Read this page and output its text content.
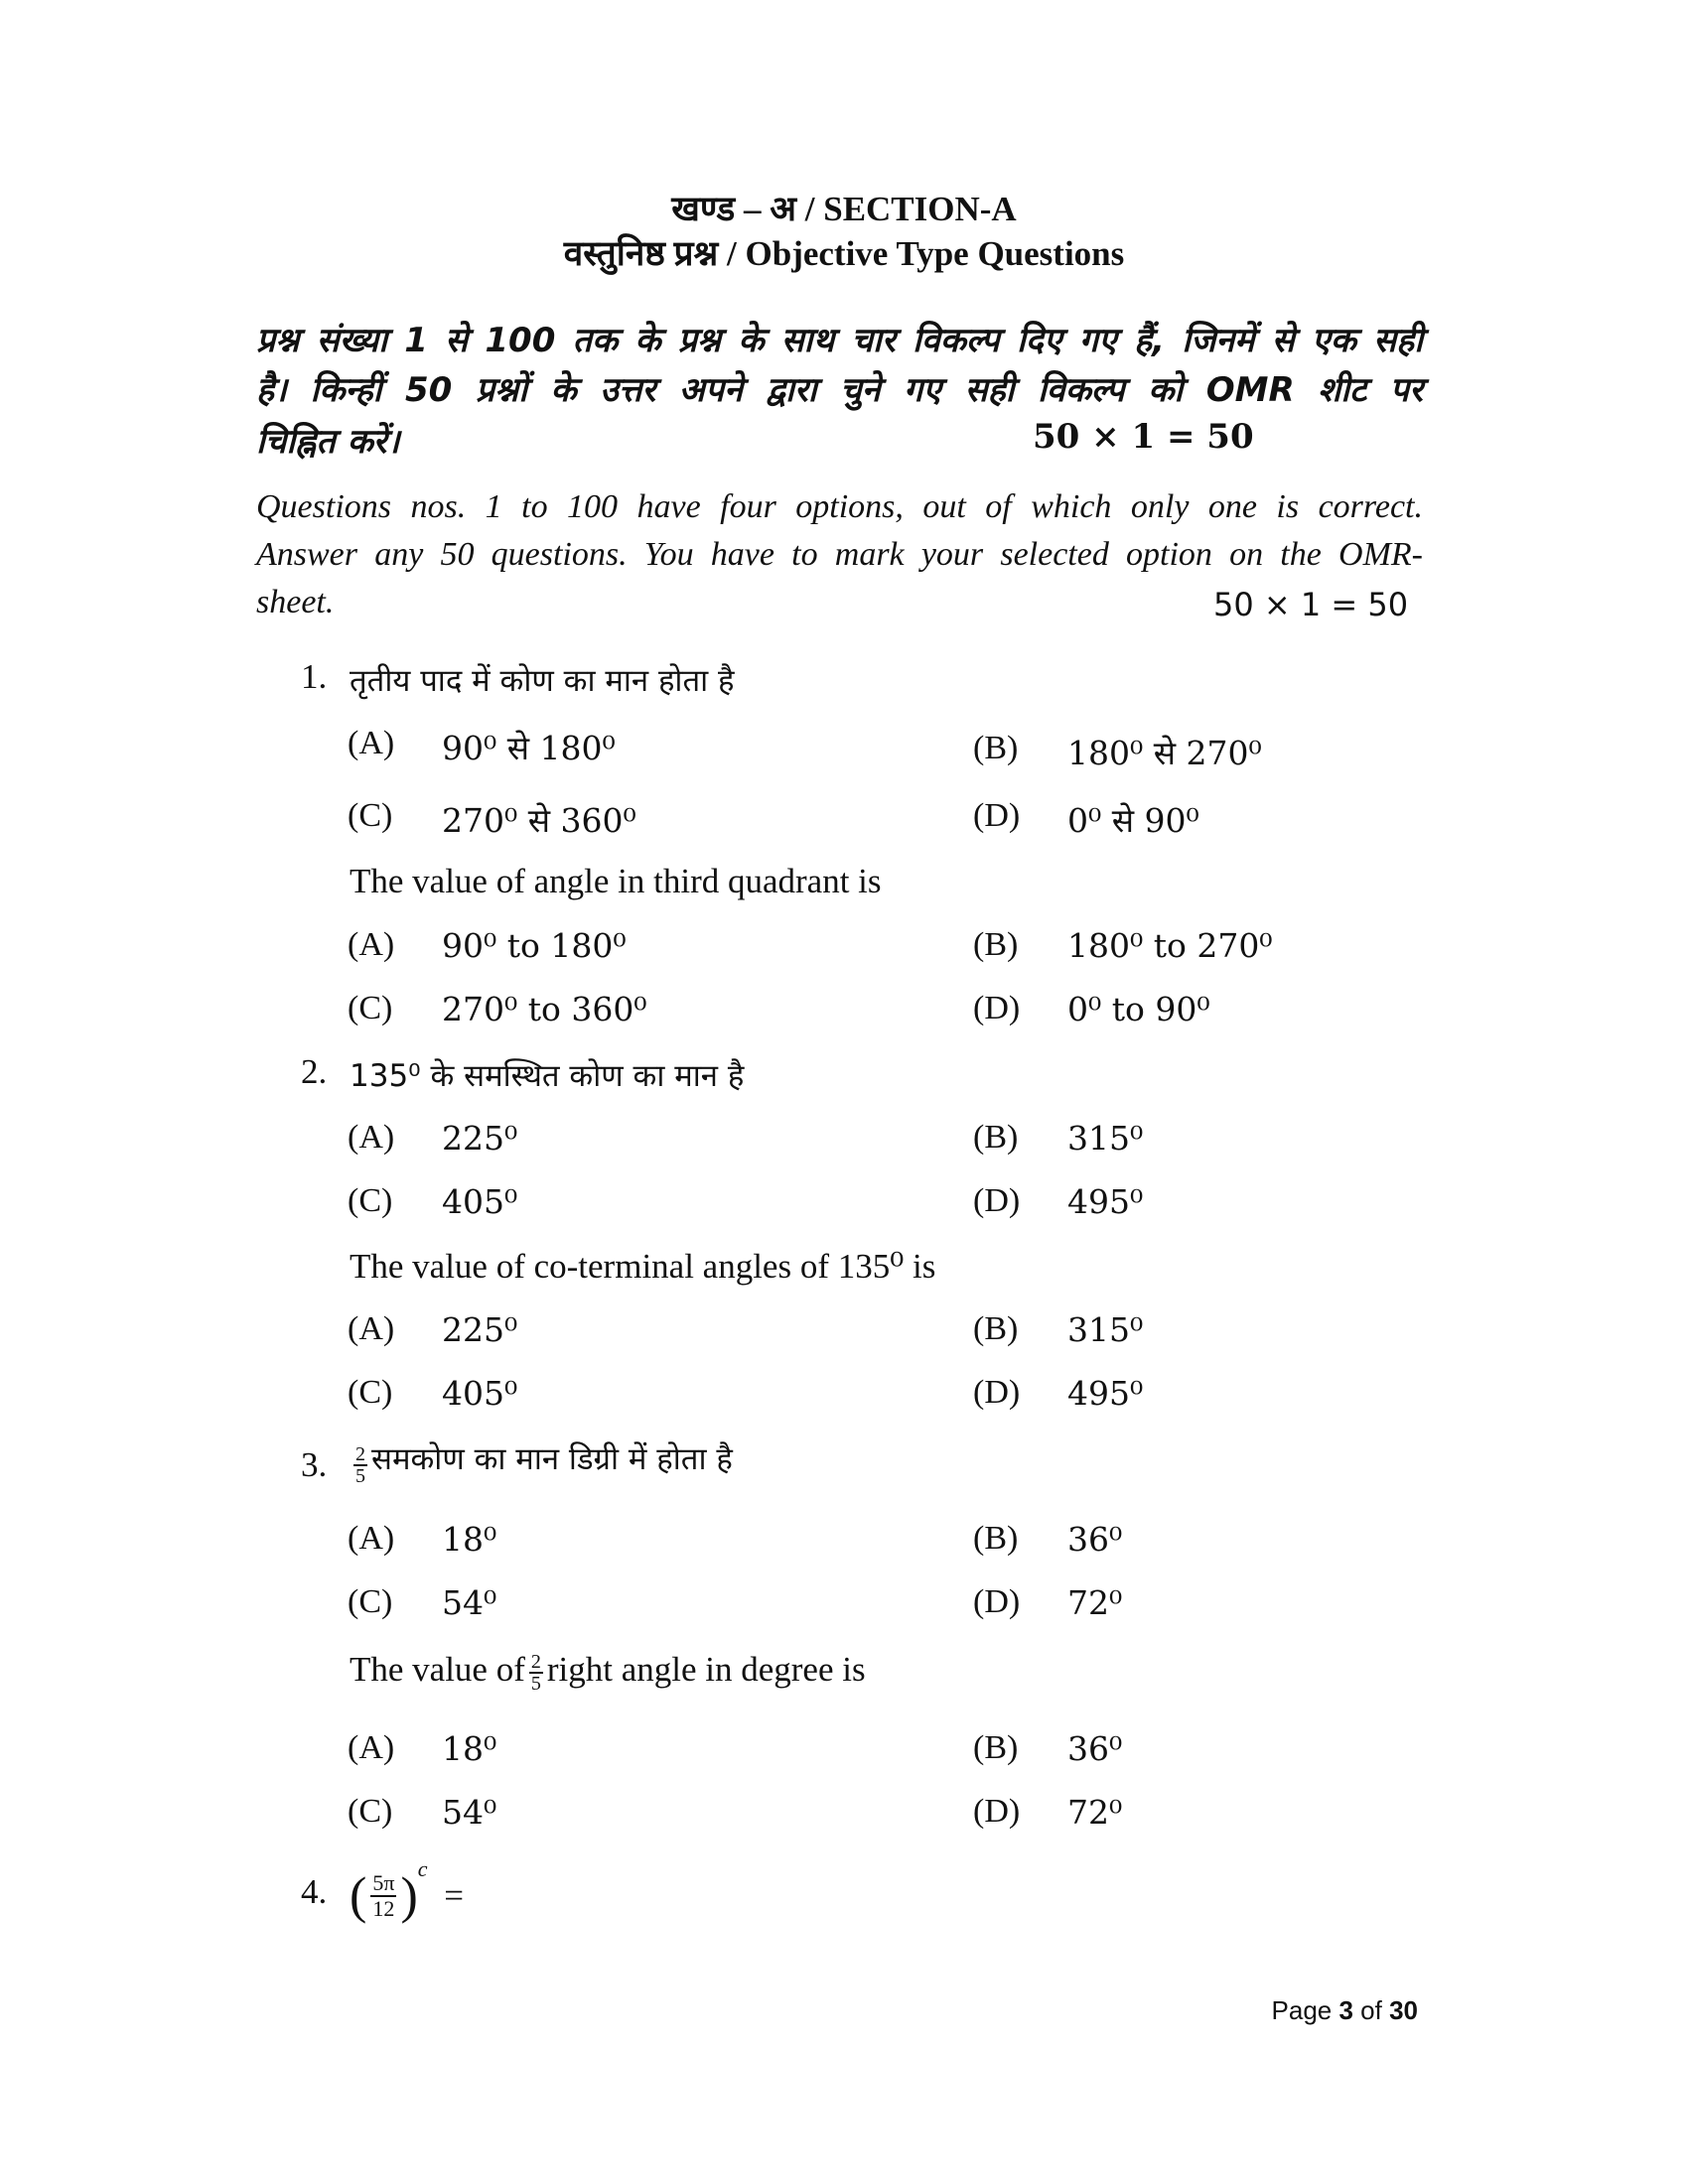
खण्ड – अ / SECTION-A
वस्तुनिष्ठ प्रश्न / Objective Type Questions
प्रश्न संख्या 1 से 100 तक के प्रश्न के साथ चार विकल्प दिए गए हैं, जिनमें से एक सही
है। किन्हीं 50 प्रश्नों के उत्तर अपने द्वारा चुने गए सही विकल्प को OMR शीट पर
चिह्नित करें।	50 × 1 = 50
Questions nos. 1 to 100 have four options, out of which only one is correct.
Answer any 50 questions. You have to mark your selected option on the OMR-
sheet.	50 × 1 = 50
1. तृतीय पाद में कोण का मान होता है
(A) 90⁰ से 180⁰	(B) 180⁰ से 270⁰
(C) 270⁰ से 360⁰	(D) 0⁰ से 90⁰
The value of angle in third quadrant is
(A) 90⁰ to 180⁰	(B) 180⁰ to 270⁰
(C) 270⁰ to 360⁰	(D) 0⁰ to 90⁰
2. 135⁰ के समस्थित कोण का मान है
(A) 225⁰	(B) 315⁰
(C) 405⁰	(D) 495⁰
The value of co-terminal angles of 135⁰ is
(A) 225⁰	(B) 315⁰
(C) 405⁰	(D) 495⁰
3. $\frac{2}{5}$ समकोण का मान डिग्री में होता है
(A) 18⁰	(B) 36⁰
(C) 54⁰	(D) 72⁰
The value of $\frac{2}{5}$ right angle in degree is
(A) 18⁰	(B) 36⁰
(C) 54⁰	(D) 72⁰
4. ( $\frac{5\pi}{12} )^c$ =
Page 3 of 30
